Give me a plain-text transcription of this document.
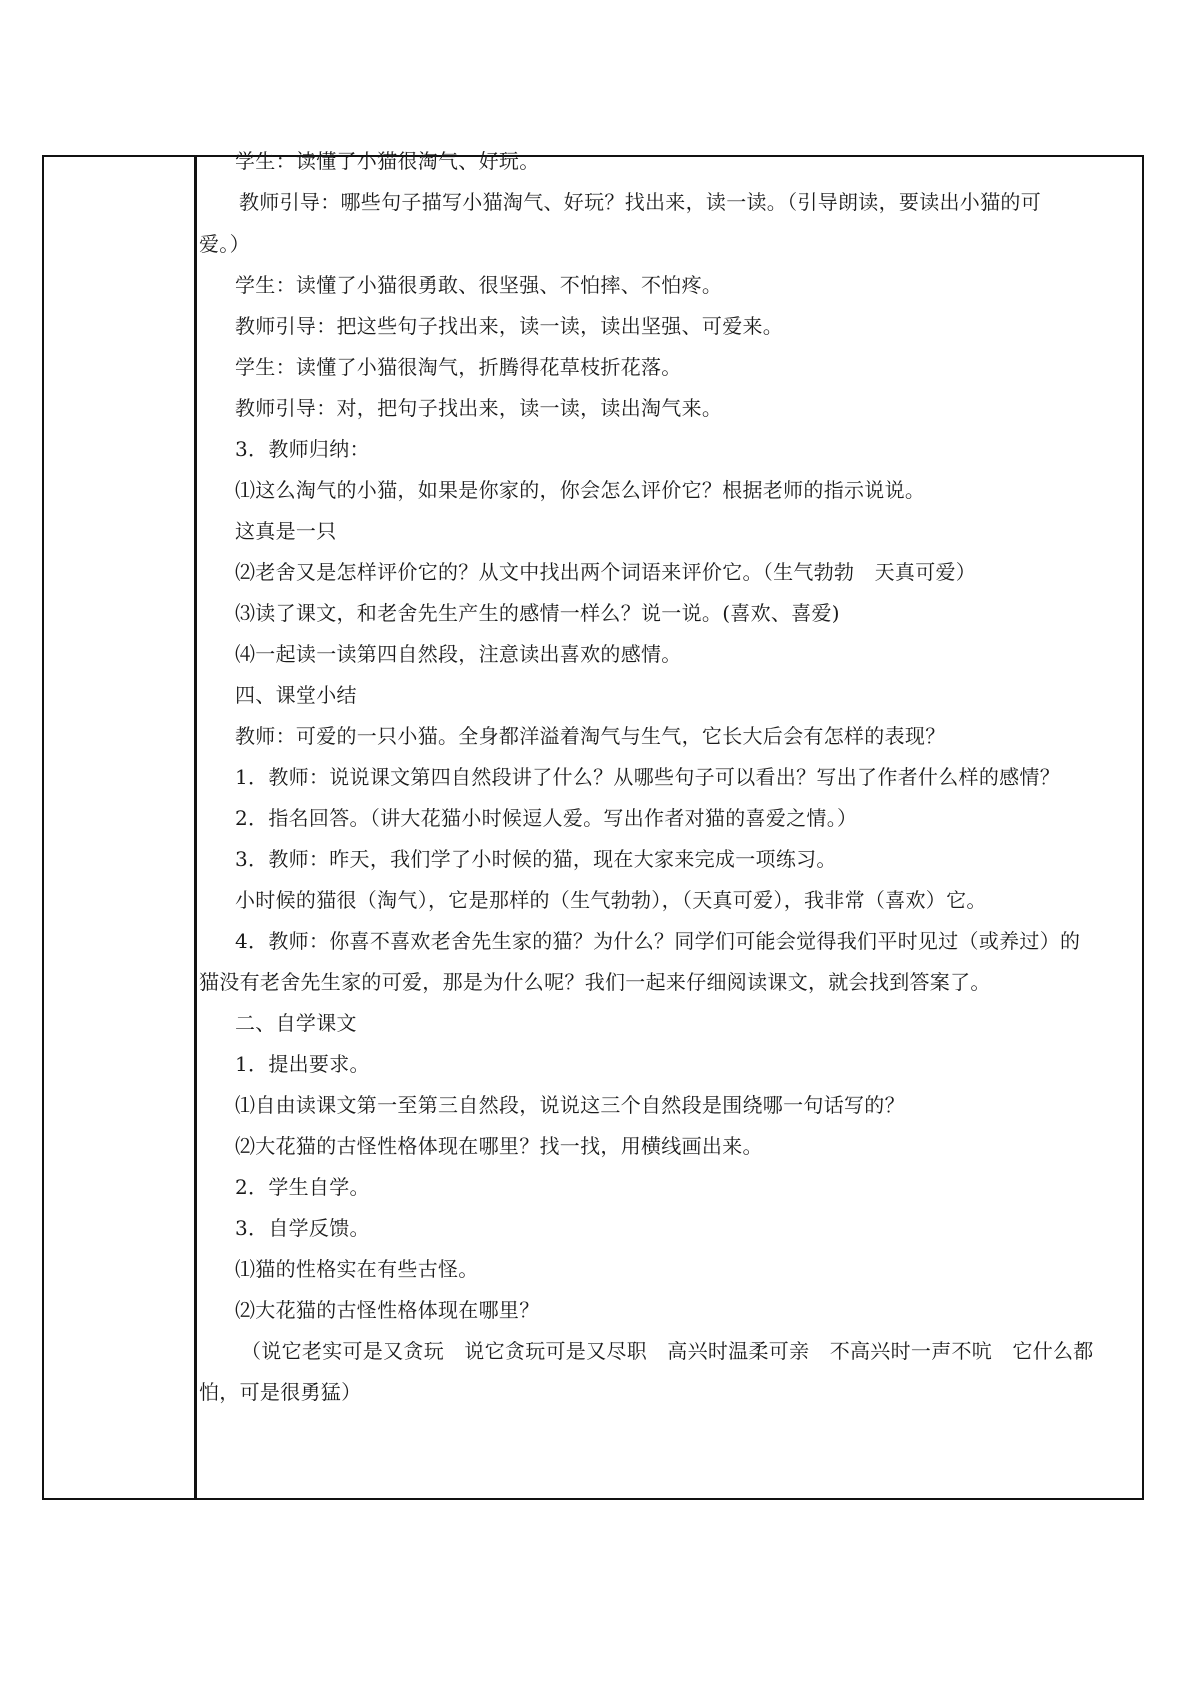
学生：读懂了小猫很淘气、好玩。
教师引导：哪些句子描写小猫淘气、好玩？找出来，读一读。（引导朗读，要读出小猫的可
爱。）
学生：读懂了小猫很勇敢、很坚强、不怕摔、不怕疼。
教师引导：把这些句子找出来，读一读，读出坚强、可爱来。
学生：读懂了小猫很淘气，折腾得花草枝折花落。
教师引导：对，把句子找出来，读一读，读出淘气来。
3．教师归纳：
⑴这么淘气的小猫，如果是你家的，你会怎么评价它？根据老师的指示说说。
这真是一只
⑵老舍又是怎样评价它的？从文中找出两个词语来评价它。（生气勃勃　天真可爱）
⑶读了课文，和老舍先生产生的感情一样么？说一说。(喜欢、喜爱)
⑷一起读一读第四自然段，注意读出喜欢的感情。
四、课堂小结
教师：可爱的一只小猫。全身都洋溢着淘气与生气，它长大后会有怎样的表现？
1．教师：说说课文第四自然段讲了什么？从哪些句子可以看出？写出了作者什么样的感情？
2．指名回答。（讲大花猫小时候逗人爱。写出作者对猫的喜爱之情。）
3．教师：昨天，我们学了小时候的猫，现在大家来完成一项练习。
小时候的猫很（淘气），它是那样的（生气勃勃），（天真可爱），我非常（喜欢）它。
4．教师：你喜不喜欢老舍先生家的猫？为什么？同学们可能会觉得我们平时见过（或养过）的
猫没有老舍先生家的可爱，那是为什么呢？我们一起来仔细阅读课文，就会找到答案了。
二、自学课文
1．提出要求。
⑴自由读课文第一至第三自然段，说说这三个自然段是围绕哪一句话写的？
⑵大花猫的古怪性格体现在哪里？找一找，用横线画出来。
2．学生自学。
3．自学反馈。
⑴猫的性格实在有些古怪。
⑵大花猫的古怪性格体现在哪里？
（说它老实可是又贪玩　说它贪玩可是又尽职　高兴时温柔可亲　不高兴时一声不吭　它什么都
怕，可是很勇猛）
